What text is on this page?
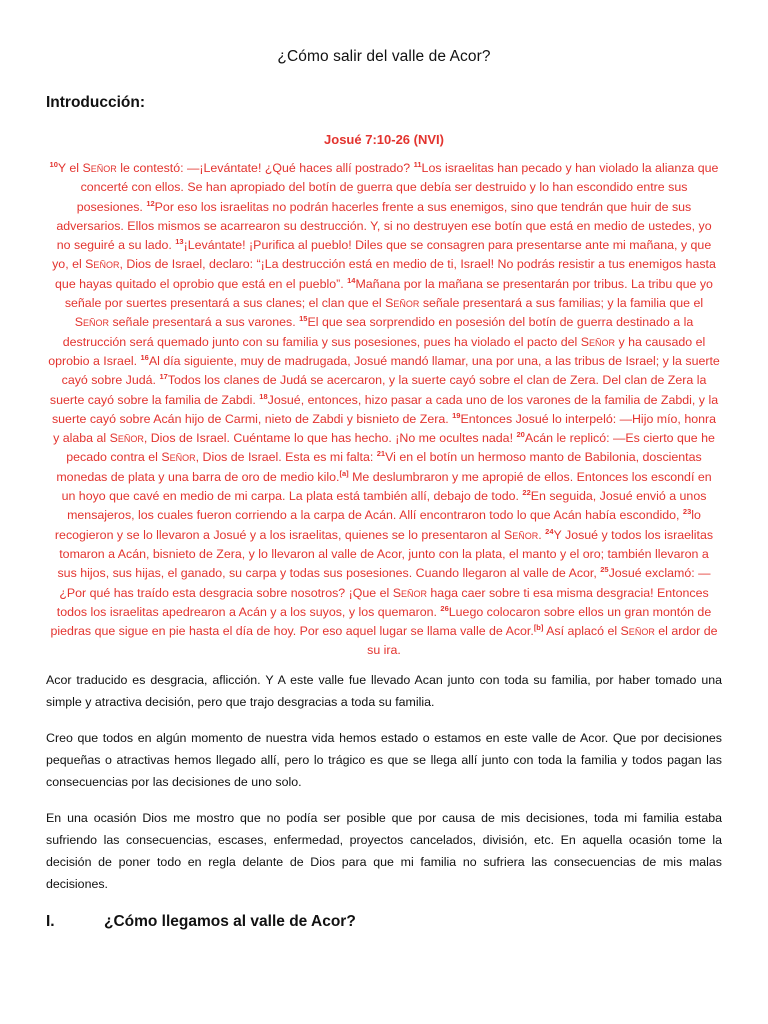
¿Cómo salir del valle de Acor?
Introducción:
Josué 7:10-26 (NVI)
$^{10}$Y el Señor le contestó: —¡Levántate! ¿Qué haces allí postrado? $^{11}$Los israelitas han pecado y han violado la alianza que concerté con ellos. Se han apropiado del botín de guerra que debía ser destruido y lo han escondido entre sus posesiones. $^{12}$Por eso los israelitas no podrán hacerles frente a sus enemigos, sino que tendrán que huir de sus adversarios. Ellos mismos se acarrearon su destrucción. Y, si no destruyen ese botín que está en medio de ustedes, yo no seguiré a su lado. $^{13}$¡Levántate! ¡Purifica al pueblo! Diles que se consagren para presentarse ante mi mañana, y que yo, el Señor, Dios de Israel, declaro: “¡La destrucción está en medio de ti, Israel! No podrás resistir a tus enemigos hasta que hayas quitado el oprobio que está en el pueblo”. $^{14}$Mañana por la mañana se presentarán por tribus. La tribu que yo señale por suertes presentará a sus clanes; el clan que el Señor señale presentará a sus familias; y la familia que el Señor señale presentará a sus varones. $^{15}$El que sea sorprendido en posesión del botín de guerra destinado a la destrucción será quemado junto con su familia y sus posesiones, pues ha violado el pacto del Señor y ha causado el oprobio a Israel. $^{16}$Al día siguiente, muy de madrugada, Josué mandó llamar, una por una, a las tribus de Israel; y la suerte cayó sobre Judá. $^{17}$Todos los clanes de Judá se acercaron, y la suerte cayó sobre el clan de Zera. Del clan de Zera la suerte cayó sobre la familia de Zabdi. $^{18}$Josué, entonces, hizo pasar a cada uno de los varones de la familia de Zabdi, y la suerte cayó sobre Acán hijo de Carmi, nieto de Zabdi y bisnieto de Zera. $^{19}$Entonces Josué lo interpeló: —Hijo mío, honra y alaba al Señor, Dios de Israel. Cuéntame lo que has hecho. ¡No me ocultes nada! $^{20}$Acán le replicó: —Es cierto que he pecado contra el Señor, Dios de Israel. Esta es mi falta: $^{21}$Vi en el botín un hermoso manto de Babilonia, doscientas monedas de plata y una barra de oro de medio kilo.[a] Me deslumbraron y me apropié de ellos. Entonces los escondí en un hoyo que cavé en medio de mi carpa. La plata está también allí, debajo de todo. $^{22}$En seguida, Josué envió a unos mensajeros, los cuales fueron corriendo a la carpa de Acán. Allí encontraron todo lo que Acán había escondido, $^{23}$lo recogieron y se lo llevaron a Josué y a los israelitas, quienes se lo presentaron al Señor. $^{24}$Y Josué y todos los israelitas tomaron a Acán, bisnieto de Zera, y lo llevaron al valle de Acor, junto con la plata, el manto y el oro; también llevaron a sus hijos, sus hijas, el ganado, su carpa y todas sus posesiones. Cuando llegaron al valle de Acor, $^{25}$Josué exclamó: —¿Por qué has traído esta desgracia sobre nosotros? ¡Que el Señor haga caer sobre ti esa misma desgracia! Entonces todos los israelitas apedrearon a Acán y a los suyos, y los quemaron. $^{26}$Luego colocaron sobre ellos un gran montón de piedras que sigue en pie hasta el día de hoy. Por eso aquel lugar se llama valle de Acor.[b] Así aplacó el Señor el ardor de su ira.

Acor traducido es desgracia, aflicción. Y A este valle fue llevado Acan junto con toda su familia, por haber tomado una simple y atractiva decisión, pero que trajo desgracias a toda su familia.

Creo que todos en algún momento de nuestra vida hemos estado o estamos en este valle de Acor. Que por decisiones pequeñas o atractivas hemos llegado allí, pero lo trágico es que se llega allí junto con toda la familia y todos pagan las consecuencias por las decisiones de uno solo.

En una ocasión Dios me mostro que no podía ser posible que por causa de mis decisiones, toda mi familia estaba sufriendo las consecuencias, escases, enfermedad, proyectos cancelados, división, etc. En aquella ocasión tome la decisión de poner todo en regla delante de Dios para que mi familia no sufriera las consecuencias de mis malas decisiones.

I.	¿Cómo llegamos al valle de Acor?
